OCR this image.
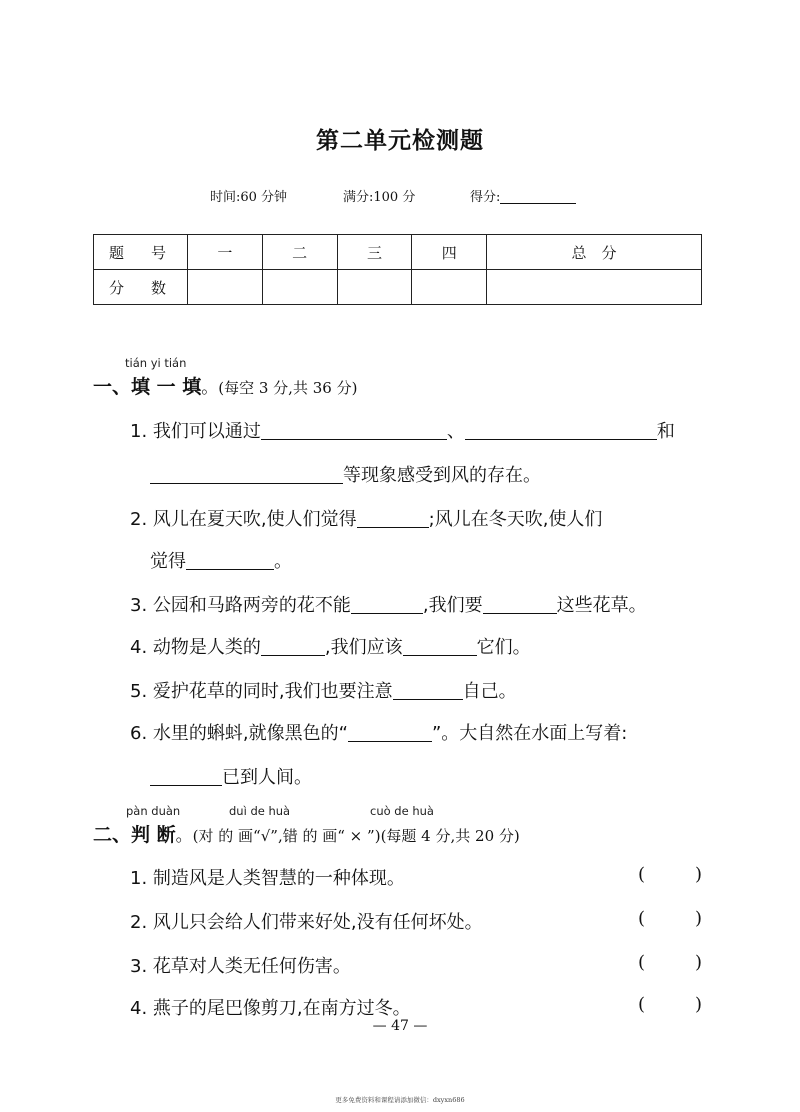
第二单元检测题
时间:60 分钟	满分:100 分	得分:
题　号	一	二	三	四	总　分
分　数					
tián yi tián
一、填 一 填。(每空 3 分,共 36 分)
1. 我们可以通过	、	和
等现象感受到风的存在。
2. 风儿在夏天吹,使人们觉得	;风儿在冬天吹,使人们
觉得	。
3. 公园和马路两旁的花不能	,我们要	这些花草。
4. 动物是人类的	,我们应该	它们。
5. 爱护花草的同时,我们也要注意	自己。
6. 水里的蝌蚪,就像黑色的“	”。大自然在水面上写着:
已到人间。
pàn duàn	duì de huà	cuò de huà
二、判 断。(对 的 画“√”,错 的 画“ × ”)(每题 4 分,共 20 分)
1. 制造风是人类智慧的一种体现。	(	)
2. 风儿只会给人们带来好处,没有任何坏处。	(	)
3. 花草对人类无任何伤害。	(	)
4. 燕子的尾巴像剪刀,在南方过冬。	(	)
— 47 —
更多免费资料和课程请添加微信：dxyxn686
